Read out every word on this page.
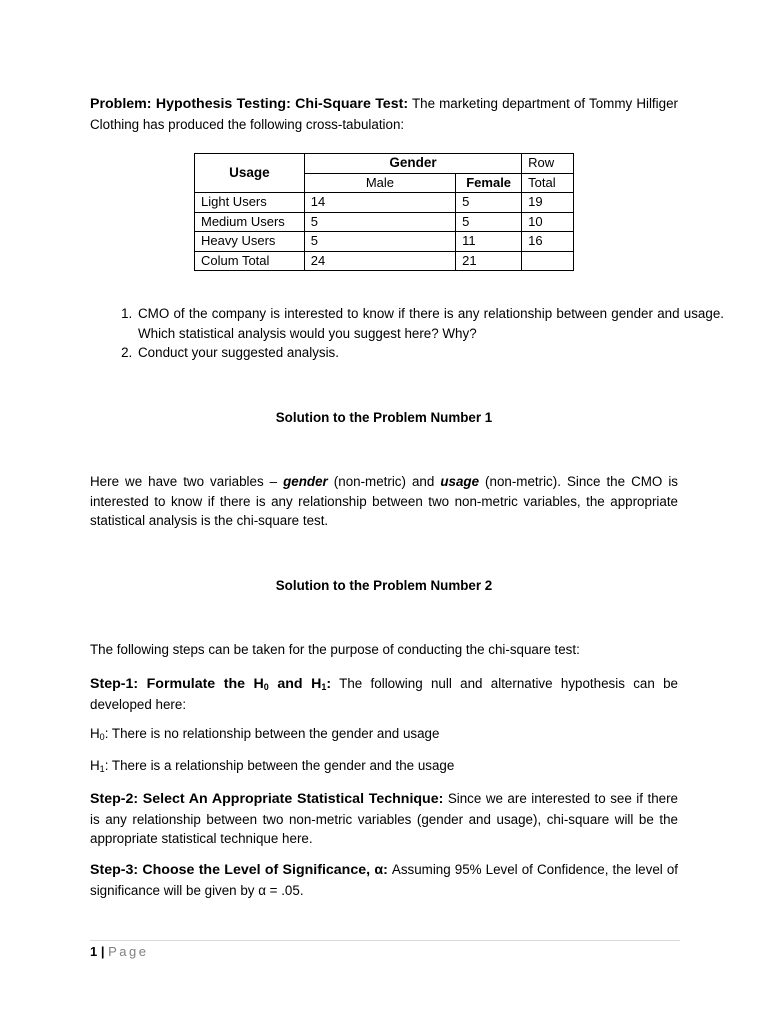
Problem: Hypothesis Testing: Chi-Square Test: The marketing department of Tommy Hilfiger Clothing has produced the following cross-tabulation:

Usage	Gender		Row
	Male	Female	Total
Light Users	14	5	19
Medium Users	5	5	10
Heavy Users	5	11	16
Colum Total	24	21	
1. CMO of the company is interested to know if there is any relationship between gender and usage. Which statistical analysis would you suggest here? Why?
2. Conduct your suggested analysis.
Solution to the Problem Number 1

Here we have two variables – gender (non-metric) and usage (non-metric). Since the CMO is interested to know if there is any relationship between two non-metric variables, the appropriate statistical analysis is the chi-square test.

Solution to the Problem Number 2

The following steps can be taken for the purpose of conducting the chi-square test:

Step-1: Formulate the $H_0$ and $H_1$: The following null and alternative hypothesis can be developed here:

$H_0$: There is no relationship between the gender and usage

$H_1$: There is a relationship between the gender and the usage

Step-2: Select An Appropriate Statistical Technique: Since we are interested to see if there is any relationship between two non-metric variables (gender and usage), chi-square will be the appropriate statistical technique here.

Step-3: Choose the Level of Significance, α: Assuming 95% Level of Confidence, the level of significance will be given by α = .05.

1 | Page
